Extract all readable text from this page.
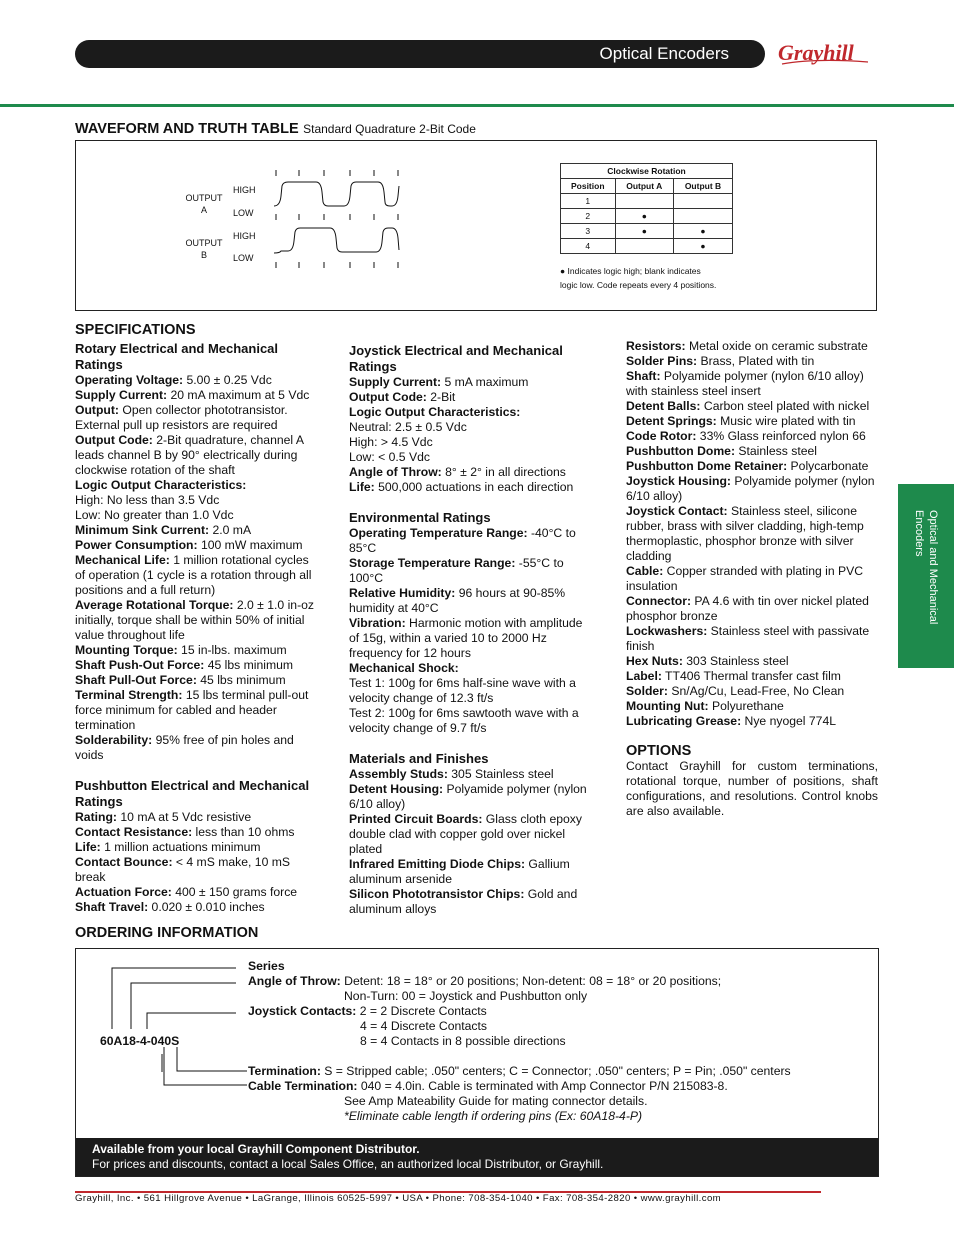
Optical Encoders Grayhill
WAVEFORM AND TRUTH TABLE Standard Quadrature 2-Bit Code
OUTPUT
A
OUTPUT
B
HIGH
LOW
HIGH
LOW
Clockwise Rotation		
Position	Output A	Output B
1		
2	●	
3	●	●
4		●
● Indicates logic high; blank indicates
logic low. Code repeats every 4 positions.
SPECIFICATIONS
Rotary Electrical and Mechanical Ratings

Operating Voltage: 5.00 ± 0.25 Vdc

Supply Current: 20 mA maximum at 5 Vdc

Output: Open collector phototransistor. External pull up resistors are required

Output Code: 2-Bit quadrature, channel A leads channel B by 90° electrically during clockwise rotation of the shaft

Logic Output Characteristics:

High: No less than 3.5 Vdc

Low: No greater than 1.0 Vdc

Minimum Sink Current: 2.0 mA

Power Consumption: 100 mW maximum

Mechanical Life: 1 million rotational cycles of operation (1 cycle is a rotation through all positions and a full return)

Average Rotational Torque: 2.0 ± 1.0 in-oz initially, torque shall be within 50% of initial value throughout life

Mounting Torque: 15 in-lbs. maximum

Shaft Push-Out Force: 45 lbs minimum

Shaft Pull-Out Force: 45 lbs minimum

Terminal Strength: 15 lbs terminal pull-out force minimum for cabled and header termination

Solderability: 95% free of pin holes and voids

Pushbutton Electrical and Mechanical Ratings

Rating: 10 mA at 5 Vdc resistive

Contact Resistance: less than 10 ohms

Life: 1 million actuations minimum

Contact Bounce: < 4 mS make, 10 mS break

Actuation Force: 400 ± 150 grams force

Shaft Travel: 0.020 ± 0.010 inches

Joystick Electrical and Mechanical Ratings

Supply Current: 5 mA maximum

Output Code: 2-Bit

Logic Output Characteristics:

Neutral: 2.5 ± 0.5 Vdc

High: > 4.5 Vdc

Low: < 0.5 Vdc

Angle of Throw: 8° ± 2° in all directions

Life: 500,000 actuations in each direction

Environmental Ratings

Operating Temperature Range: -40°C to 85°C

Storage Temperature Range: -55°C to 100°C

Relative Humidity: 96 hours at 90-85% humidity at 40°C

Vibration: Harmonic motion with amplitude of 15g, within a varied 10 to 2000 Hz frequency for 12 hours

Mechanical Shock:

Test 1: 100g for 6ms half-sine wave with a velocity change of 12.3 ft/s

Test 2: 100g for 6ms sawtooth wave with a velocity change of 9.7 ft/s

Materials and Finishes

Assembly Studs: 305 Stainless steel

Detent Housing: Polyamide polymer (nylon 6/10 alloy)

Printed Circuit Boards: Glass cloth epoxy double clad with copper gold over nickel plated

Infrared Emitting Diode Chips: Gallium aluminum arsenide

Silicon Phototransistor Chips: Gold and aluminum alloys

Resistors: Metal oxide on ceramic substrate

Solder Pins: Brass, Plated with tin

Shaft: Polyamide polymer (nylon 6/10 alloy) with stainless steel insert

Detent Balls: Carbon steel plated with nickel

Detent Springs: Music wire plated with tin

Code Rotor: 33% Glass reinforced nylon 66

Pushbutton Dome: Stainless steel

Pushbutton Dome Retainer: Polycarbonate

Joystick Housing: Polyamide polymer (nylon 6/10 alloy)

Joystick Contact: Stainless steel, silicone rubber, brass with silver cladding, high-temp thermoplastic, phosphor bronze with silver cladding

Cable: Copper stranded with plating in PVC insulation

Connector: PA 4.6 with tin over nickel plated phosphor bronze

Lockwashers: Stainless steel with passivate finish

Hex Nuts: 303 Stainless steel

Label: TT406 Thermal transfer cast film

Solder: Sn/Ag/Cu, Lead-Free, No Clean

Mounting Nut: Polyurethane

Lubricating Grease: Nye nyogel 774L

OPTIONS

Contact Grayhill for custom terminations, rotational torque, number of positions, shaft configurations, and resolutions. Control knobs are also available.

Optical and Mechanical Encoders
ORDERING INFORMATION
60A18-4-040S
Series
Angle of Throw: Detent: 18 = 18° or 20 positions; Non-detent: 08 = 18° or 20 positions;
Non-Turn: 00 = Joystick and Pushbutton only
Joystick Contacts: 2 = 2 Discrete Contacts
4 = 4 Discrete Contacts
8 = 4 Contacts in 8 possible directions
Termination: S = Stripped cable; .050" centers; C = Connector; .050" centers; P = Pin; .050" centers
Cable Termination: 040 = 4.0in. Cable is terminated with Amp Connector P/N 215083-8.
See Amp Mateability Guide for mating connector details.
*Eliminate cable length if ordering pins (Ex: 60A18-4-P)
Available from your local Grayhill Component Distributor.
For prices and discounts, contact a local Sales Office, an authorized local Distributor, or Grayhill.
Grayhill, Inc. • 561 Hillgrove Avenue • LaGrange, Illinois 60525-5997 • USA • Phone: 708-354-1040 • Fax: 708-354-2820 • www.grayhill.com
